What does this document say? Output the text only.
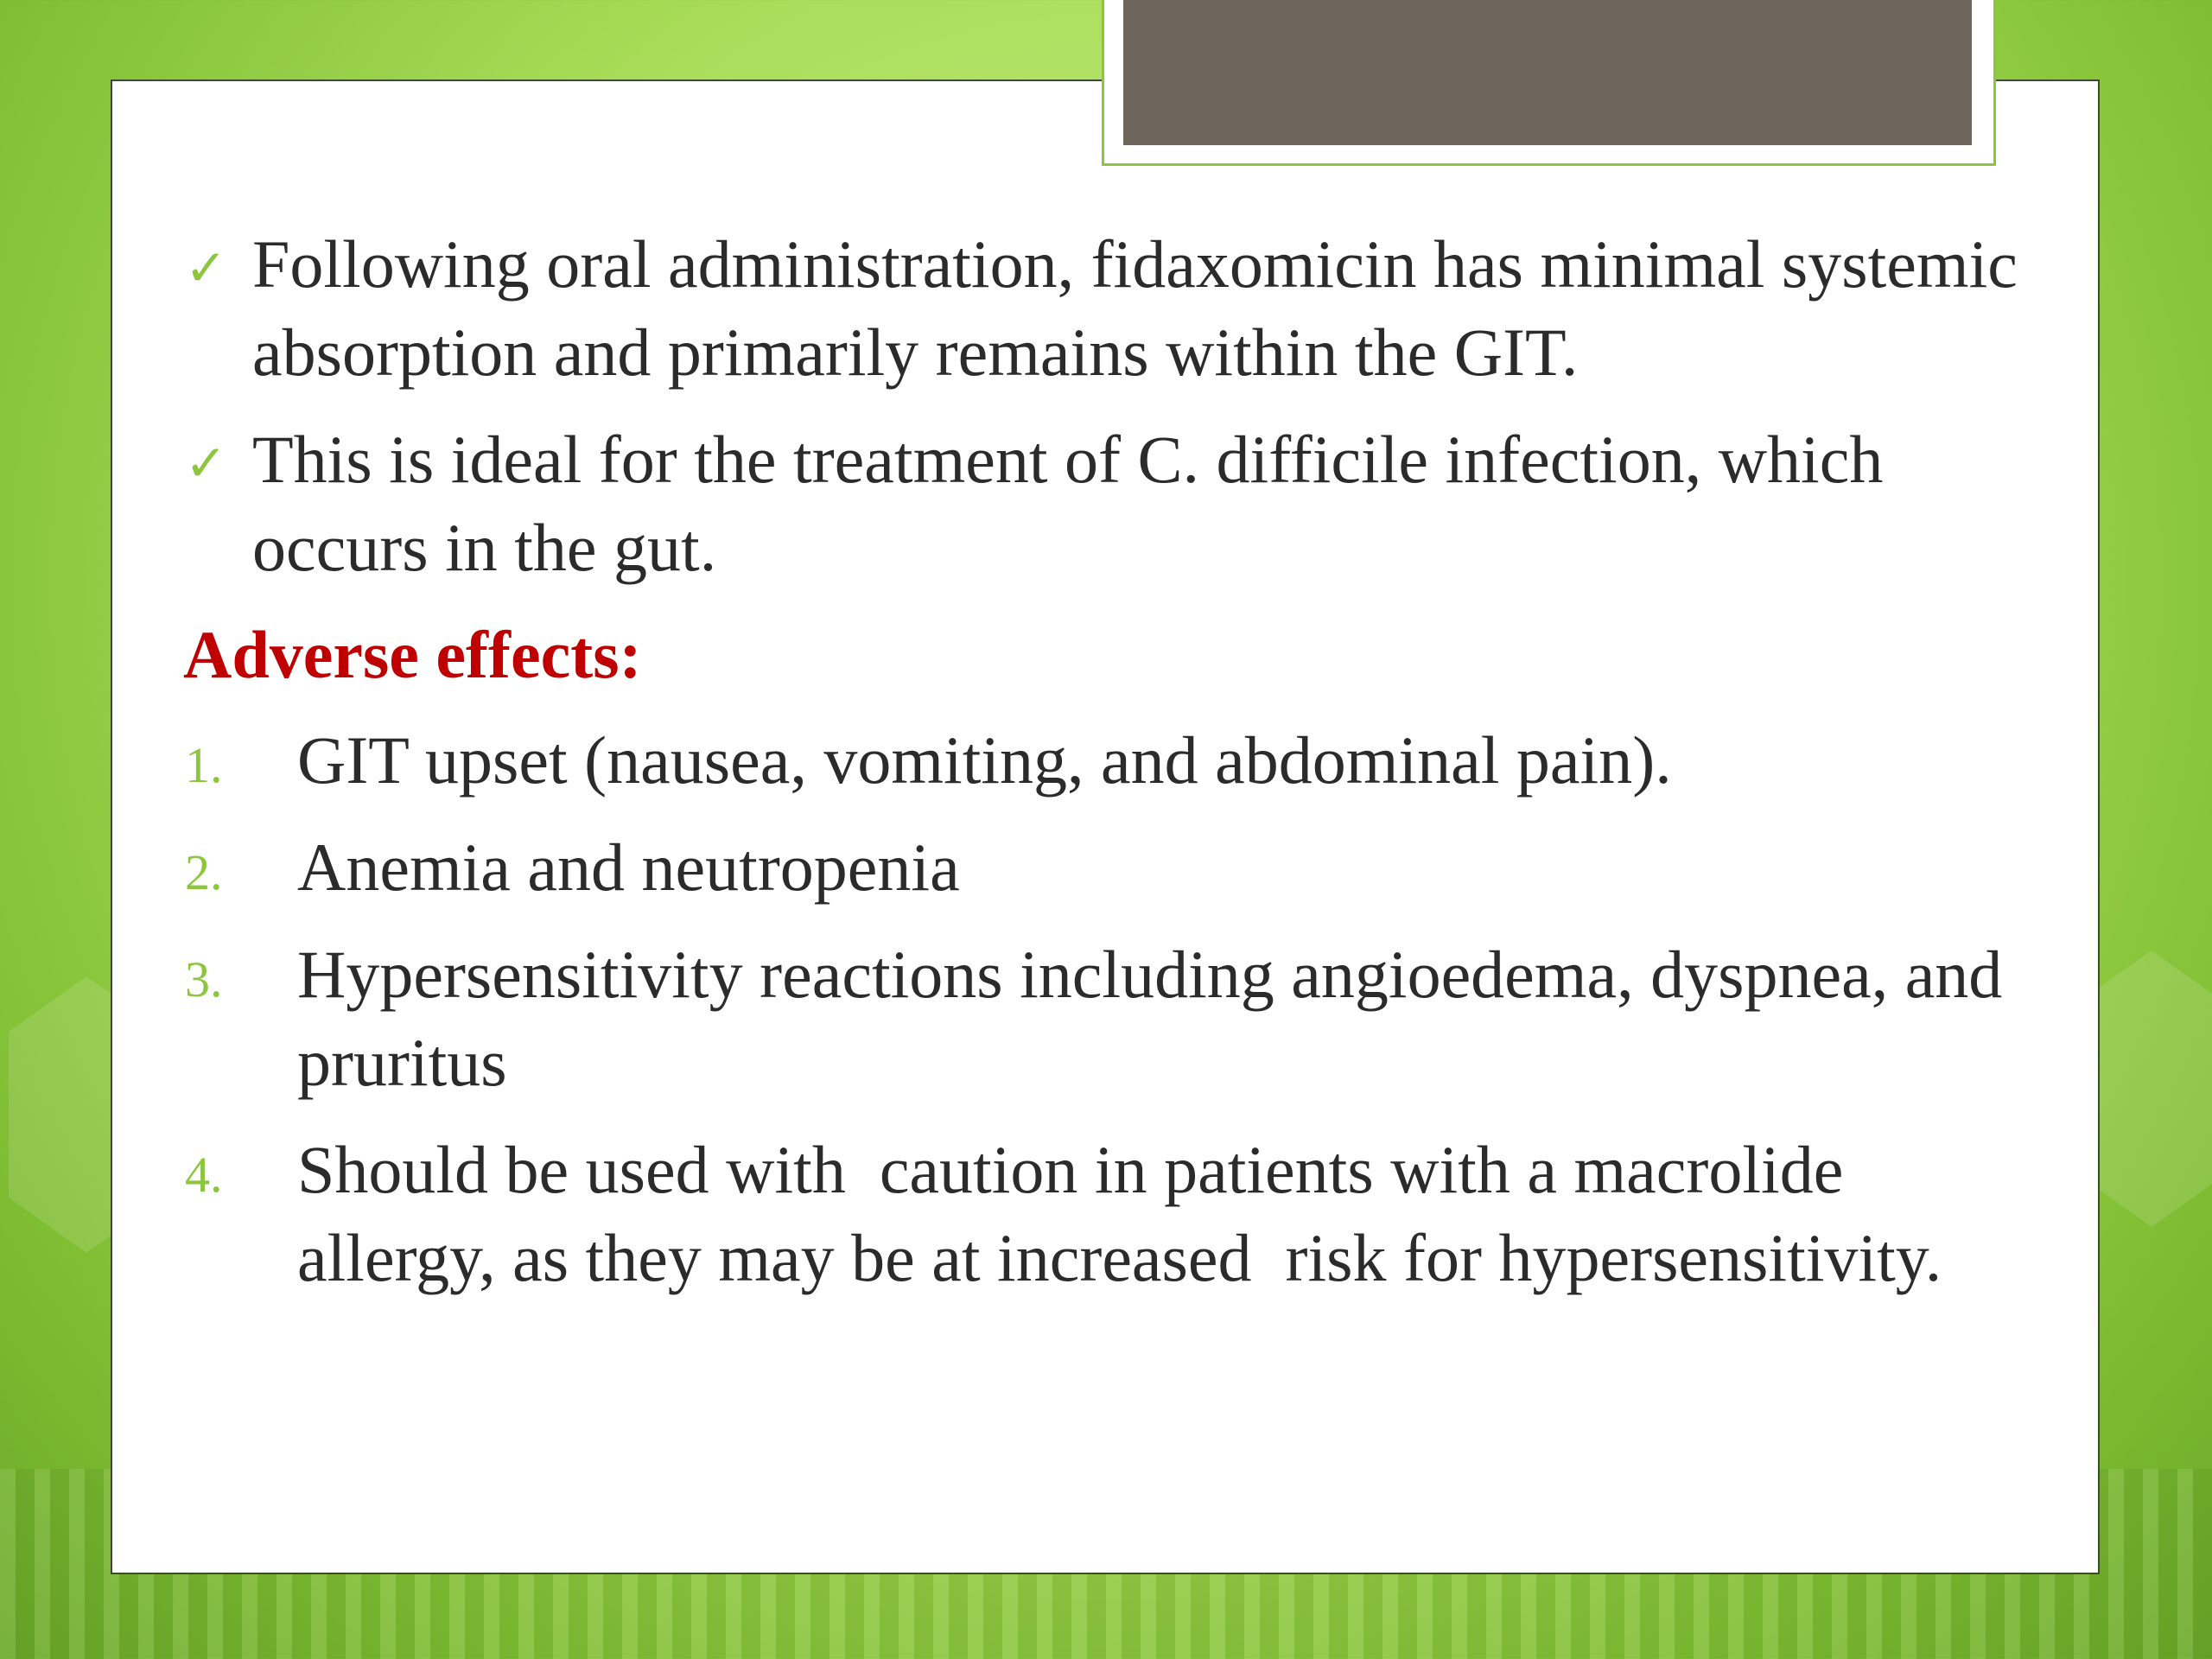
✓ Following oral administration, fidaxomicin has minimal systemic absorption and primarily remains within the GIT.
✓ This is ideal for the treatment of C. difficile infection, which occurs in the gut.
Adverse effects:
1. GIT upset (nausea, vomiting, and abdominal pain).
2. Anemia and neutropenia
3. Hypersensitivity reactions including angioedema, dyspnea, and pruritus
4. Should be used with  caution in patients with a macrolide allergy, as they may be at increased  risk for hypersensitivity.
